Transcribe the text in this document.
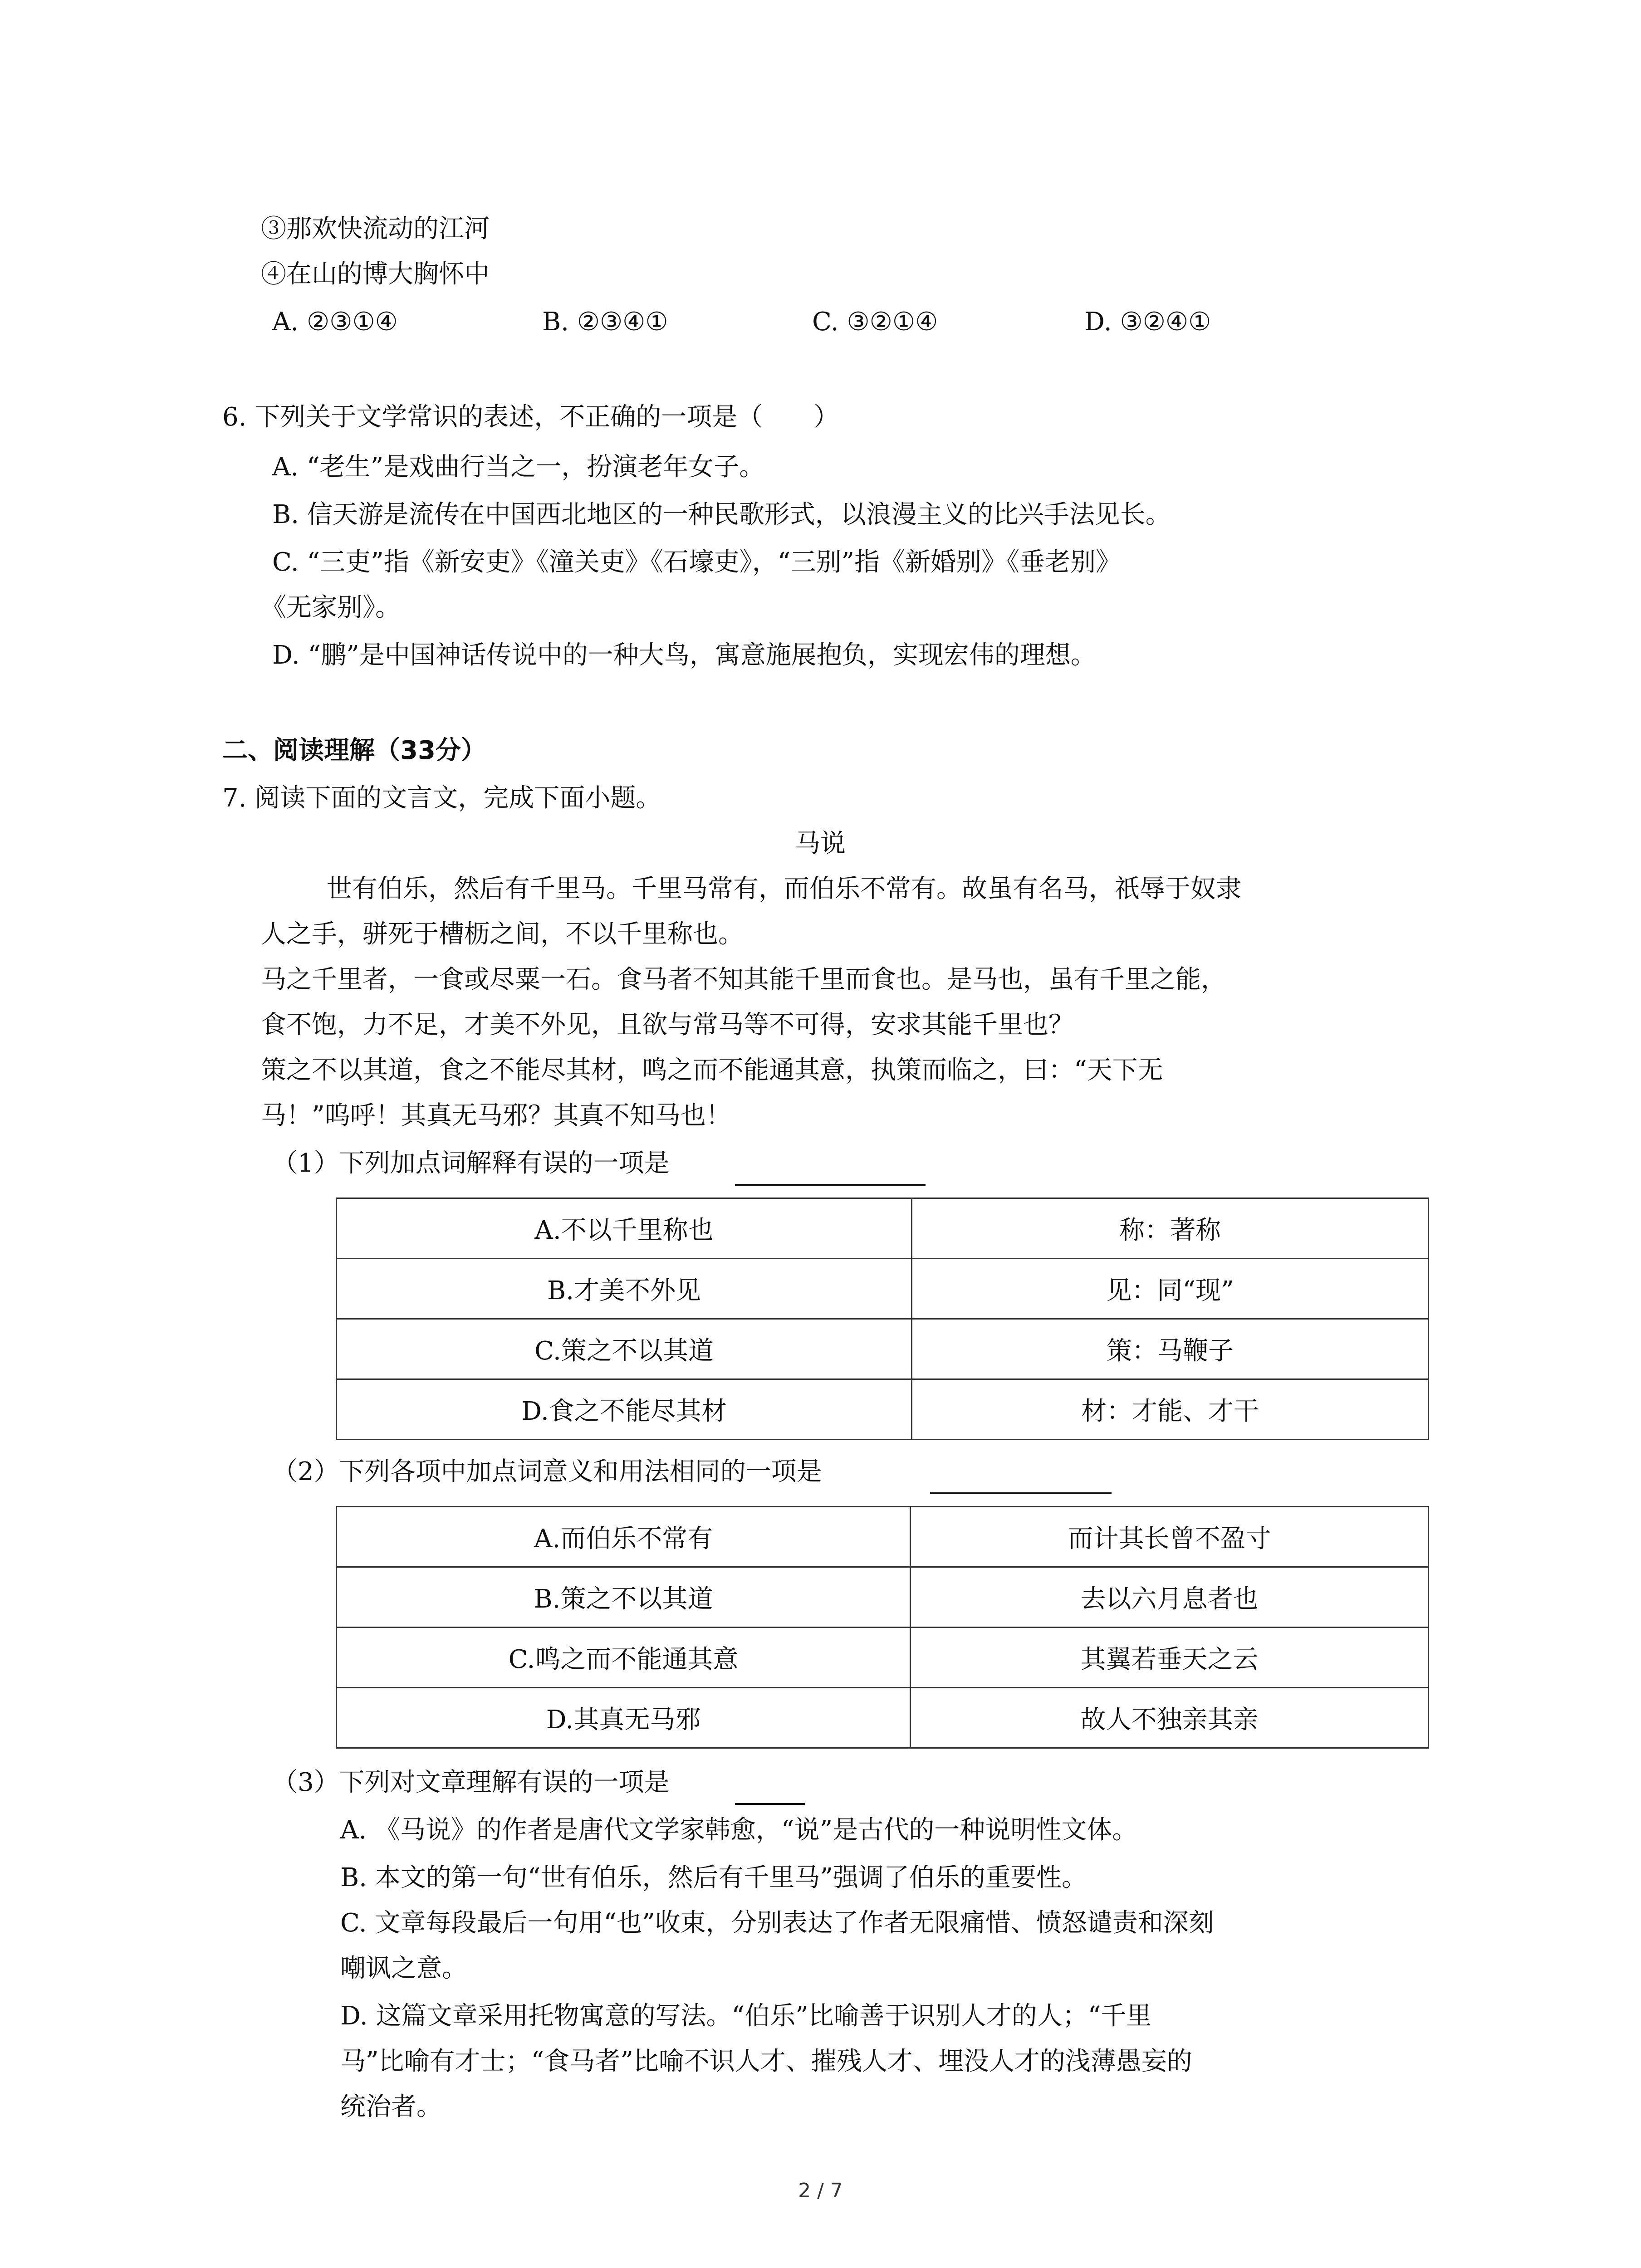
③那欢快流动的江河
④在山的博大胸怀中
A. ②③①④	B. ②③④①	C. ③②①④	D. ③②④①
6. 下列关于文学常识的表述，不正确的一项是（　　）
A. “老生”是戏曲行当之一，扮演老年女子。
B. 信天游是流传在中国西北地区的一种民歌形式，以浪漫主义的比兴手法见长。
C. “三吏”指《新安吏》《潼关吏》《石壕吏》，“三别”指《新婚别》《垂老别》
《无家别》。
D. “鹏”是中国神话传说中的一种大鸟，寓意施展抱负，实现宏伟的理想。
二、阅读理解（33分）
7. 阅读下面的文言文，完成下面小题。
马说
世有伯乐，然后有千里马。千里马常有，而伯乐不常有。故虽有名马，祇辱于奴隶
人之手，骈死于槽枥之间，不以千里称也。
马之千里者，一食或尽粟一石。食马者不知其能千里而食也。是马也，虽有千里之能，
食不饱，力不足，才美不外见，且欲与常马等不可得，安求其能千里也？
策之不以其道，食之不能尽其材，鸣之而不能通其意，执策而临之，曰：“天下无
马！”呜呼！其真无马邪？其真不知马也！
（1）下列加点词解释有误的一项是
A.不以千里称也	称：著称
B.才美不外见	见：同“现”
C.策之不以其道	策：马鞭子
D.食之不能尽其材	材：才能、才干
（2）下列各项中加点词意义和用法相同的一项是
A.而伯乐不常有	而计其长曾不盈寸
B.策之不以其道	去以六月息者也
C.鸣之而不能通其意	其翼若垂天之云
D.其真无马邪	故人不独亲其亲
（3）下列对文章理解有误的一项是
A. 《马说》的作者是唐代文学家韩愈，“说”是古代的一种说明性文体。
B. 本文的第一句“世有伯乐，然后有千里马”强调了伯乐的重要性。
C. 文章每段最后一句用“也”收束，分别表达了作者无限痛惜、愤怒谴责和深刻
嘲讽之意。
D. 这篇文章采用托物寓意的写法。“伯乐”比喻善于识别人才的人；“千里
马”比喻有才士；“食马者”比喻不识人才、摧残人才、埋没人才的浅薄愚妄的
统治者。
2 / 7
